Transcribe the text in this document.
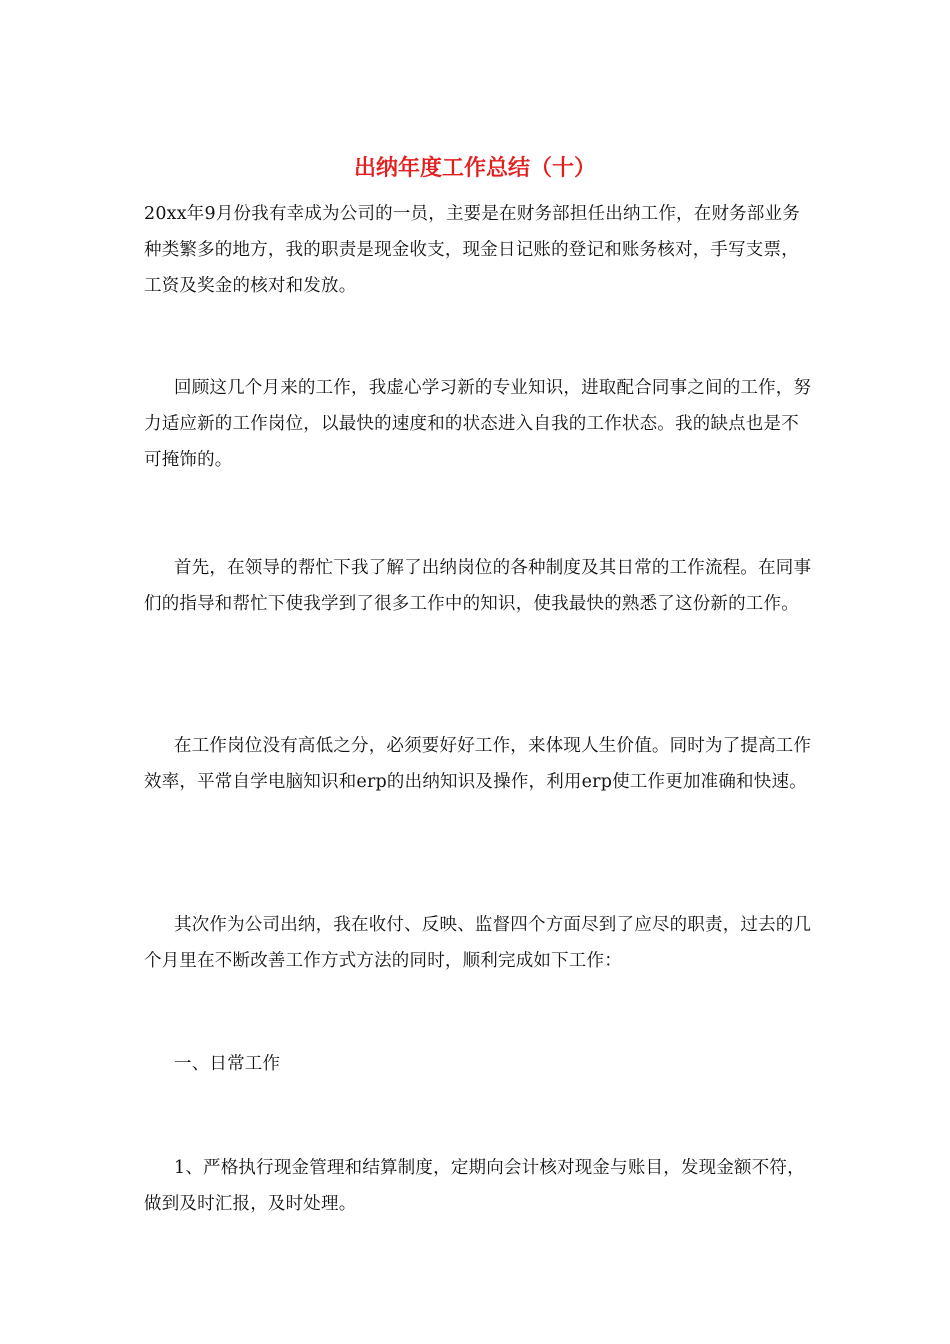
出纳年度工作总结（十）

20xx年9月份我有幸成为公司的一员，主要是在财务部担任出纳工作，在财务部业务种类繁多的地方，我的职责是现金收支，现金日记账的登记和账务核对，手写支票，工资及奖金的核对和发放。

回顾这几个月来的工作，我虚心学习新的专业知识，进取配合同事之间的工作，努力适应新的工作岗位，以最快的速度和的状态进入自我的工作状态。我的缺点也是不可掩饰的。

首先，在领导的帮忙下我了解了出纳岗位的各种制度及其日常的工作流程。在同事们的指导和帮忙下使我学到了很多工作中的知识，使我最快的熟悉了这份新的工作。

在工作岗位没有高低之分，必须要好好工作，来体现人生价值。同时为了提高工作效率，平常自学电脑知识和erp的出纳知识及操作，利用erp使工作更加准确和快速。

其次作为公司出纳，我在收付、反映、监督四个方面尽到了应尽的职责，过去的几个月里在不断改善工作方式方法的同时，顺利完成如下工作：

一、日常工作

1、严格执行现金管理和结算制度，定期向会计核对现金与账目，发现金额不符，做到及时汇报，及时处理。
